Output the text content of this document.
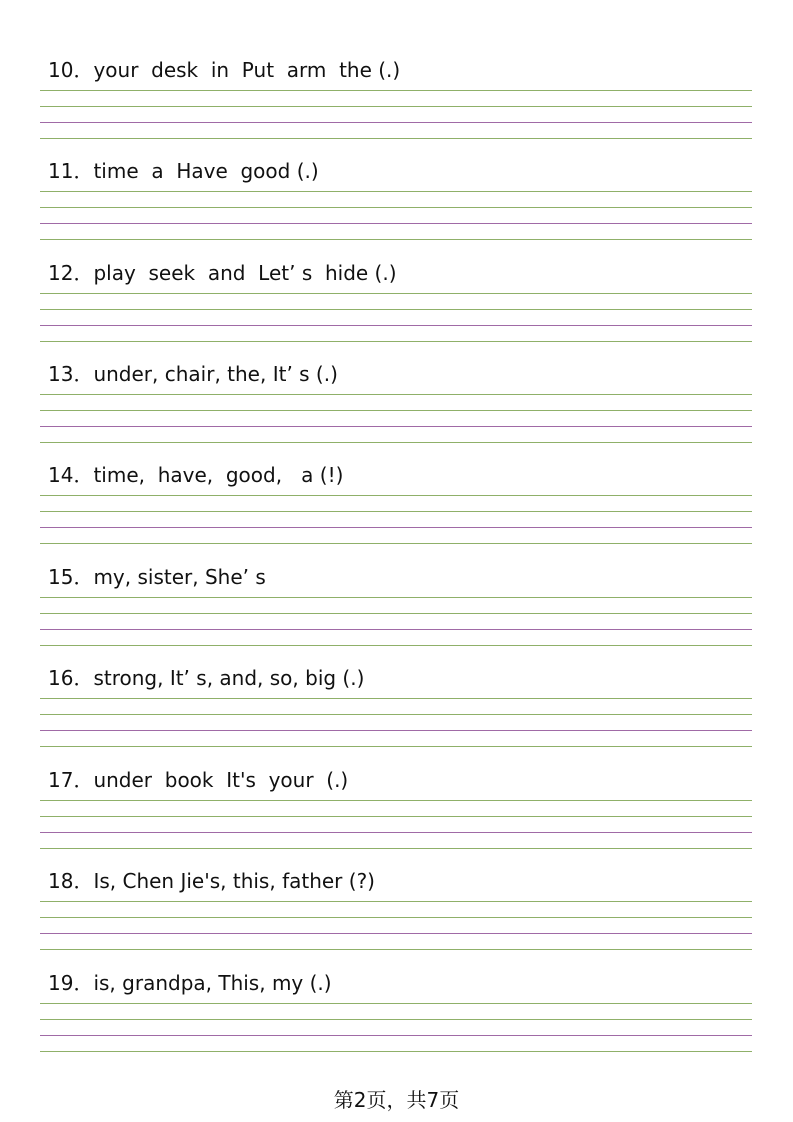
10．your  desk  in  Put  arm  the (.)
11．time  a  Have  good (.)
12．play  seek  and  Let’ s  hide (.)
13．under, chair, the, It’ s (.)
14．time,  have,  good,   a (!)
15．my, sister, She’ s
16．strong, It’ s, and, so, big (.)
17．under  book  It's  your  (.)
18．Is, Chen Jie's, this, father (?)
19．is, grandpa, This, my (.)
第2页，共7页
